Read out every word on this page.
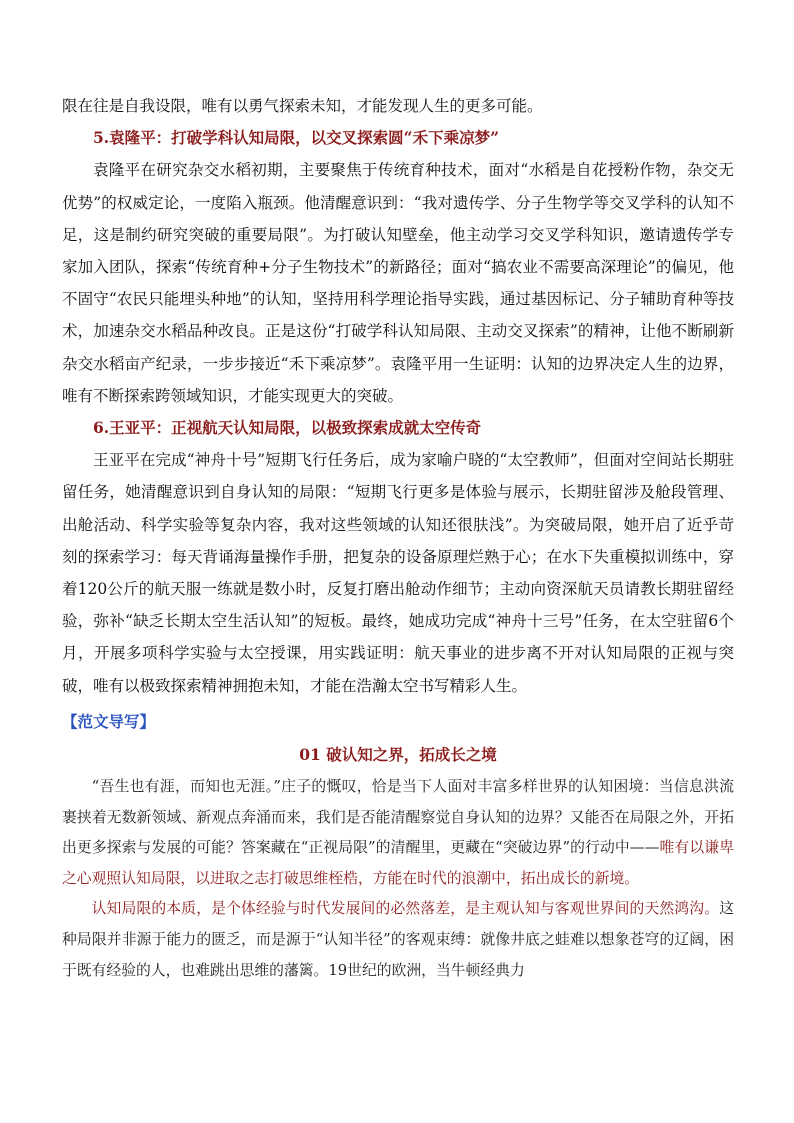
限在往是自我设限，唯有以勇气探索未知，才能发现人生的更多可能。

5.袁隆平：打破学科认知局限，以交叉探索圆“禾下乘凉梦”

袁隆平在研究杂交水稻初期，主要聚焦于传统育种技术，面对“水稻是自花授粉作物，杂交无优势”的权威定论，一度陷入瓶颈。他清醒意识到：“我对遗传学、分子生物学等交叉学科的认知不足，这是制约研究突破的重要局限”。为打破认知壁垒，他主动学习交叉学科知识，邀请遗传学专家加入团队，探索“传统育种+分子生物技术”的新路径；面对“搞农业不需要高深理论”的偏见，他不固守“农民只能埋头种地”的认知，坚持用科学理论指导实践，通过基因标记、分子辅助育种等技术，加速杂交水稻品种改良。正是这份“打破学科认知局限、主动交叉探索”的精神，让他不断刷新杂交水稻亩产纪录，一步步接近“禾下乘凉梦”。袁隆平用一生证明：认知的边界决定人生的边界，唯有不断探索跨领域知识，才能实现更大的突破。

6.王亚平：正视航天认知局限，以极致探索成就太空传奇

王亚平在完成“神舟十号”短期飞行任务后，成为家喻户晓的“太空教师”，但面对空间站长期驻留任务，她清醒意识到自身认知的局限：“短期飞行更多是体验与展示，长期驻留涉及舱段管理、出舱活动、科学实验等复杂内容，我对这些领域的认知还很肤浅”。为突破局限，她开启了近乎苛刻的探索学习：每天背诵海量操作手册，把复杂的设备原理烂熟于心；在水下失重模拟训练中，穿着120公斤的航天服一练就是数小时，反复打磨出舱动作细节；主动向资深航天员请教长期驻留经验，弥补“缺乏长期太空生活认知”的短板。最终，她成功完成“神舟十三号”任务，在太空驻留6个月，开展多项科学实验与太空授课，用实践证明：航天事业的进步离不开对认知局限的正视与突破，唯有以极致探索精神拥抱未知，才能在浩瀚太空书写精彩人生。

【范文导写】
01 破认知之界，拓成长之境

“吾生也有涯，而知也无涯。”庄子的慨叹，恰是当下人面对丰富多样世界的认知困境：当信息洪流裹挟着无数新领域、新观点奔涌而来，我们是否能清醒察觉自身认知的边界？又能否在局限之外，开拓出更多探索与发展的可能？答案藏在“正视局限”的清醒里，更藏在“突破边界”的行动中——唯有以谦卑之心观照认知局限，以进取之志打破思维桎梏，方能在时代的浪潮中，拓出成长的新境。

认知局限的本质，是个体经验与时代发展间的必然落差，是主观认知与客观世界间的天然鸿沟。这种局限并非源于能力的匮乏，而是源于“认知半径”的客观束缚：就像井底之蛙难以想象苍穹的辽阔，困于既有经验的人，也难跳出思维的藩篱。19世纪的欧洲，当牛顿经典力
